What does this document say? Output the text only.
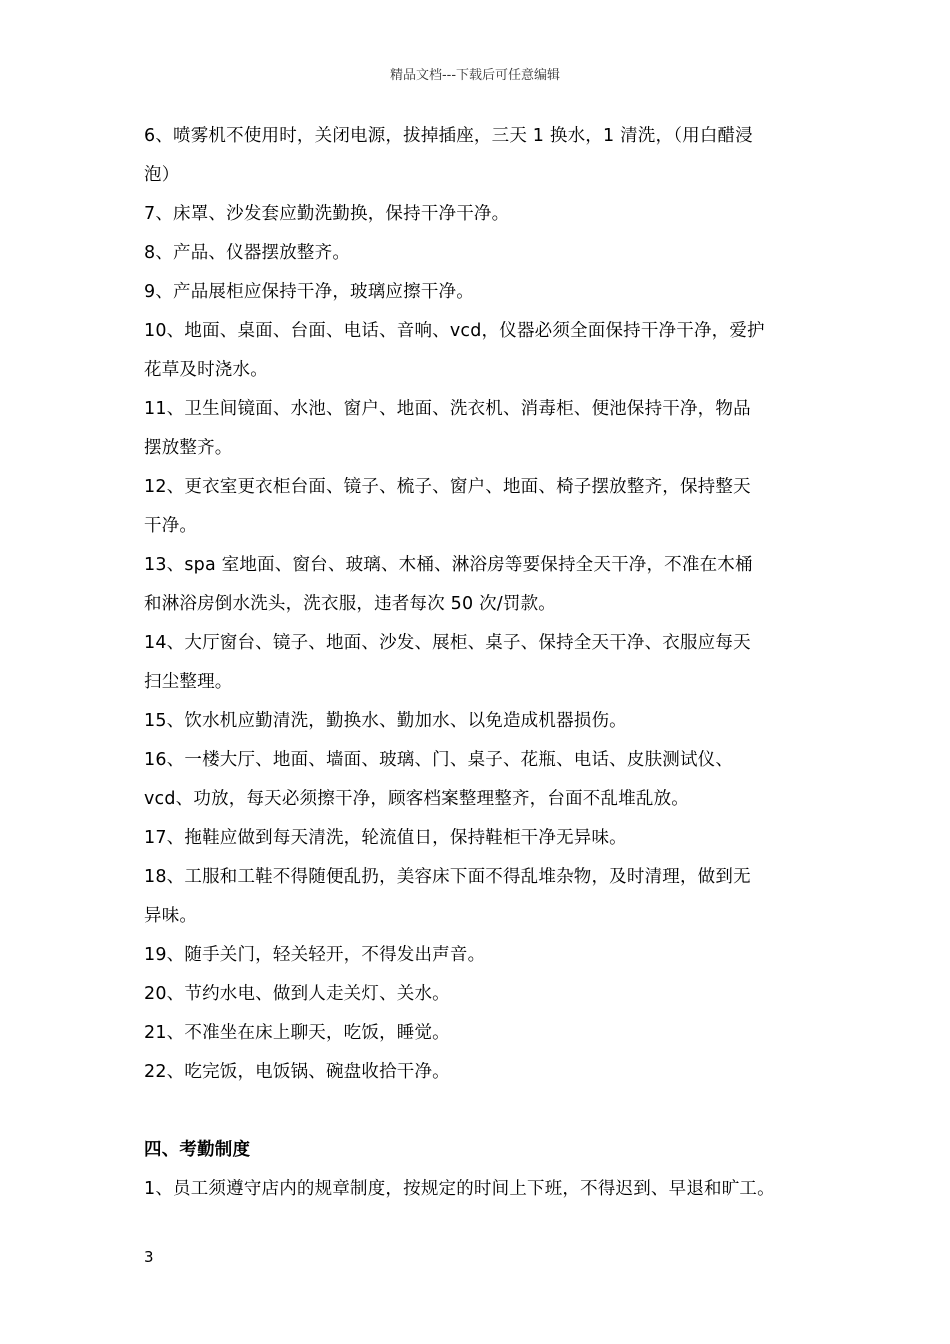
精品文档---下载后可任意编辑
6、喷雾机不使用时，关闭电源，拔掉插座，三天 1 换水，1 清洗，（用白醋浸
泡）
7、床罩、沙发套应勤洗勤换，保持干净干净。
8、产品、仪器摆放整齐。
9、产品展柜应保持干净，玻璃应擦干净。
10、地面、桌面、台面、电话、音响、vcd，仪器必须全面保持干净干净，爱护
花草及时浇水。
11、卫生间镜面、水池、窗户、地面、洗衣机、消毒柜、便池保持干净，物品
摆放整齐。
12、更衣室更衣柜台面、镜子、梳子、窗户、地面、椅子摆放整齐，保持整天
干净。
13、spa 室地面、窗台、玻璃、木桶、淋浴房等要保持全天干净，不准在木桶
和淋浴房倒水洗头，洗衣服，违者每次 50 次/罚款。
14、大厅窗台、镜子、地面、沙发、展柜、桌子、保持全天干净、衣服应每天
扫尘整理。
15、饮水机应勤清洗，勤换水、勤加水、以免造成机器损伤。
16、一楼大厅、地面、墙面、玻璃、门、桌子、花瓶、电话、皮肤测试仪、
vcd、功放，每天必须擦干净，顾客档案整理整齐，台面不乱堆乱放。
17、拖鞋应做到每天清洗，轮流值日，保持鞋柜干净无异味。
18、工服和工鞋不得随便乱扔，美容床下面不得乱堆杂物，及时清理，做到无
异味。
19、随手关门，轻关轻开，不得发出声音。
20、节约水电、做到人走关灯、关水。
21、不准坐在床上聊天，吃饭，睡觉。
22、吃完饭，电饭锅、碗盘收拾干净。
四、考勤制度
1、员工须遵守店内的规章制度，按规定的时间上下班，不得迟到、早退和旷工。
3
